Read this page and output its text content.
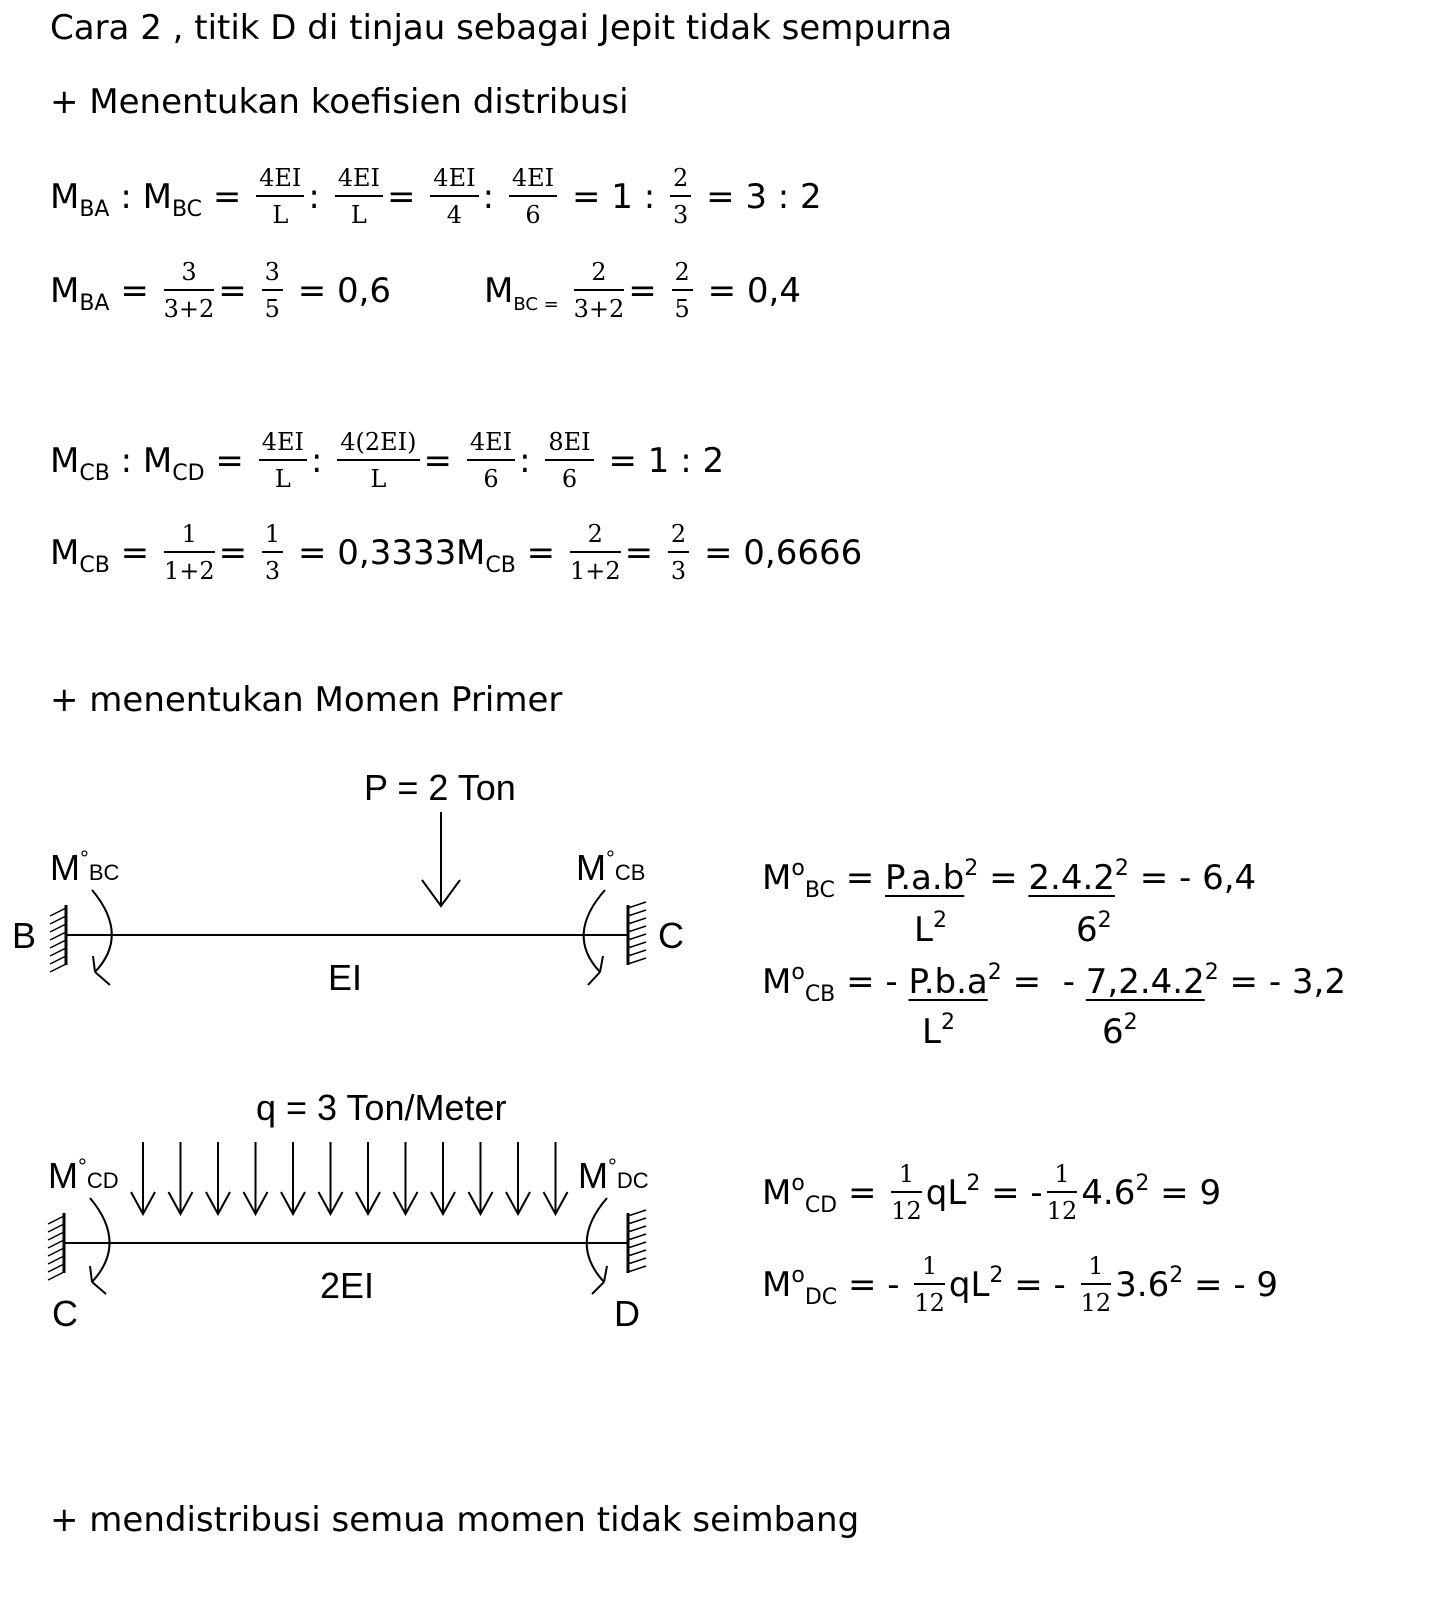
Cara 2 , titik D di tinjau sebagai Jepit tidak sempurna
+ Menentukan koefisien distribusi
$M_{BA}$ : $M_{BC} = \frac{4EI}{L}$ : $\frac{4EI}{L} = \frac{4EI}{4}$ : $\frac{4EI}{6} = 1$ : $\frac{2}{3} = 3$ : 2
$M_{BA} = \frac{3}{3+2} = \frac{3}{5} = 0,6$	$M_{BC =} \frac{2}{3+2} = \frac{2}{5} = 0,4$
$M_{CB}$ : $M_{CD} = \frac{4EI}{L}$ : $\frac{4(2EI)}{L} = \frac{4EI}{6}$ : $\frac{8EI}{6} = 1$ : 2
$M_{CB} = \frac{1}{1+2} = \frac{1}{3} = 0,3333$ $M_{CB} = \frac{2}{1+2} = \frac{2}{3} = 0,6666$
+ menentukan Momen Primer
P = 2 Ton
M°BC	M°CB
B	C
EI
q = 3 Ton/Meter
M°CD	M°DC
C	D
2EI
$M^o_{BC} = P.a.b^2 = 2.4.2^2$ = - 6,4
$L^2$	$6^2$
$M^o_{CB}$ = - $P.b.a^2$ = - $7,2.4.2^2$ = - 3,2
$L^2$	$6^2$
$M^o_{CD} = \frac{1}{12} qL^2$ = - $\frac{1}{12} 4.6^2 = 9$
$M^o_{DC}$ = - $\frac{1}{12} qL^2$ = - $\frac{1}{12} 3.6^2$ = - 9
+ mendistribusi semua momen tidak seimbang
